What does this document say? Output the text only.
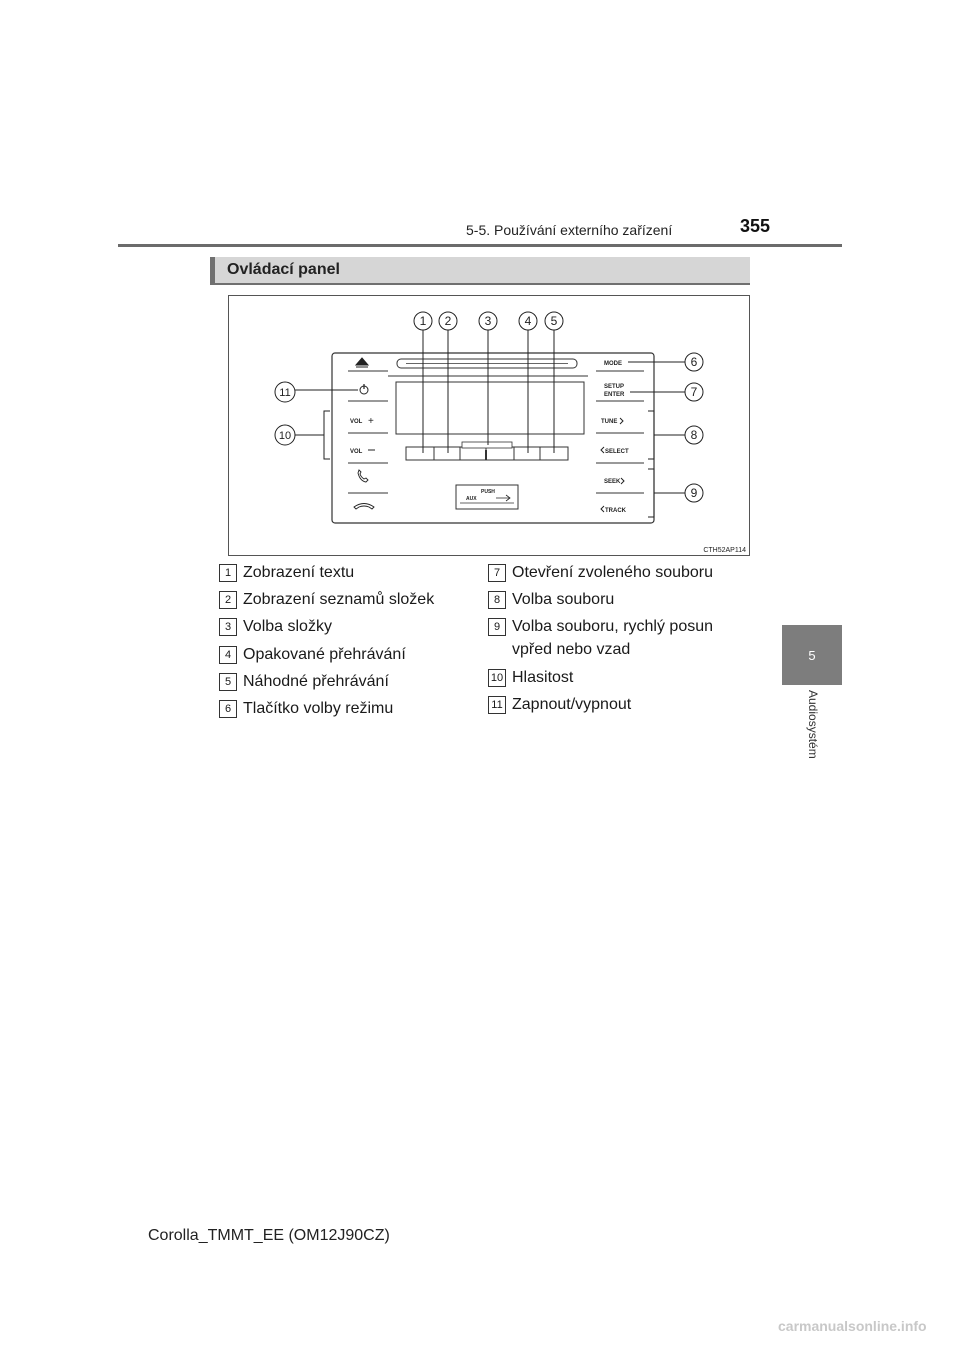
5-5. Používání externího zařízení	355
5
Audiosystém
Ovládací panel
VOL +
VOL
MODE
SETUP
ENTER
TUNE
SELECT
SEEK
TRACK
PUSH
AUX
1 2	3	4 5
6
7
8
9
11
10
CTH52AP114
1 Zobrazení textu
2 Zobrazení seznamů složek
3 Volba složky
4 Opakované přehrávání
5 Náhodné přehrávání
6 Tlačítko volby režimu
7 Otevření zvoleného souboru
8 Volba souboru
9 Volba souboru, rychlý posun vpřed nebo vzad
10 Hlasitost
11 Zapnout/vypnout
Corolla_TMMT_EE (OM12J90CZ)
carmanualsonline.info
